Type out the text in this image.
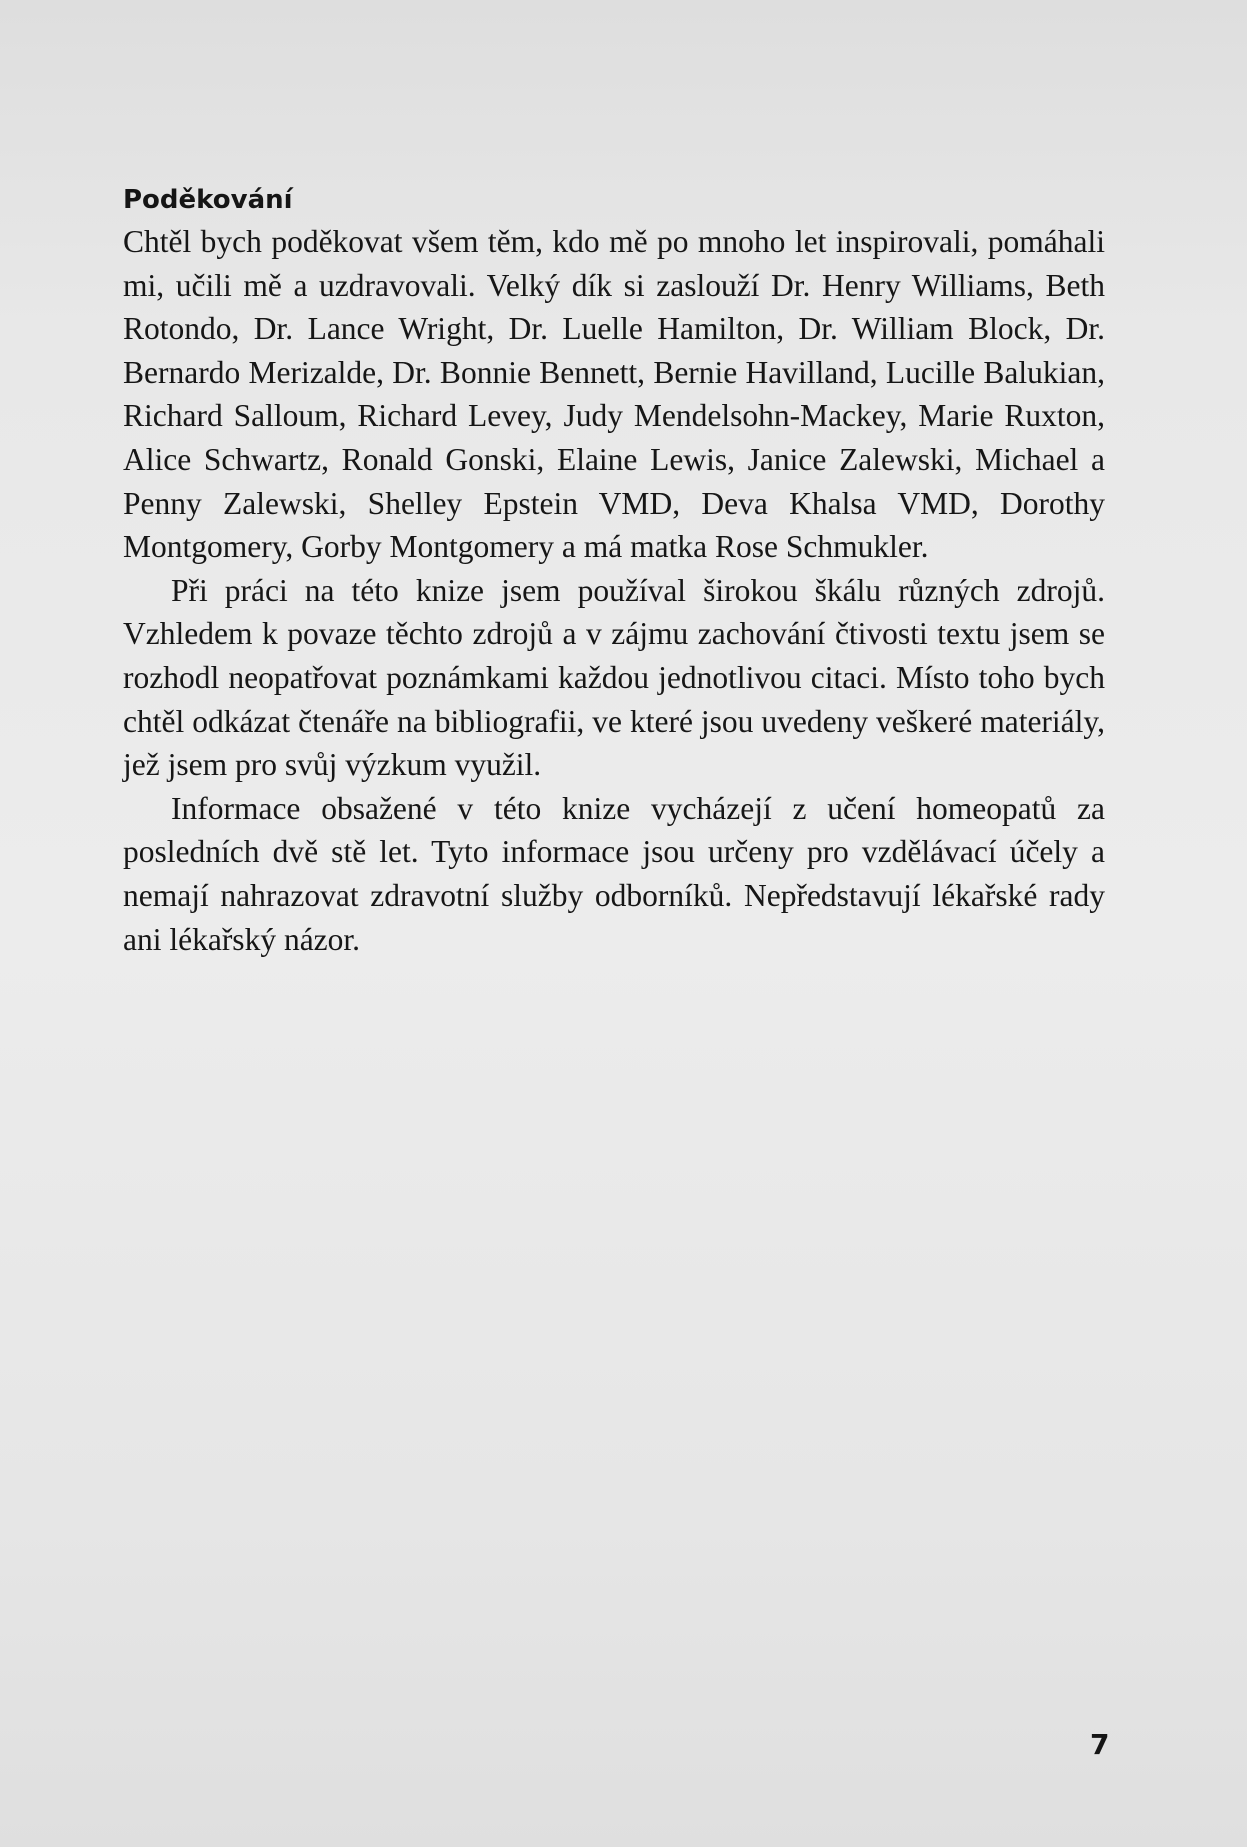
Poděkování

Chtěl bych poděkovat všem těm, kdo mě po mnoho let inspirovali, pomáhali mi, učili mě a uzdravovali. Velký dík si zaslouží Dr. Henry Williams, Beth Rotondo, Dr. Lance Wright, Dr. Luelle Hamilton, Dr. William Block, Dr. Bernardo Merizalde, Dr. Bonnie Bennett, Bernie Havilland, Lucille Balukian, Richard Salloum, Richard Levey, Judy Mendelsohn-Mackey, Marie Ruxton, Alice Schwartz, Ronald Gonski, Elaine Lewis, Janice Zalewski, Michael a Penny Zalewski, Shelley Epstein VMD, Deva Khalsa VMD, Dorothy Montgomery, Gorby Montgomery a má matka Rose Schmukler.

Při práci na této knize jsem používal širokou škálu různých zdrojů. Vzhledem k povaze těchto zdrojů a v zájmu zachování čtivosti textu jsem se rozhodl neopatřovat poznámkami každou jednotlivou citaci. Místo toho bych chtěl odkázat čtenáře na bibliografii, ve které jsou uvedeny veškeré materiály, jež jsem pro svůj výzkum využil.

Informace obsažené v této knize vycházejí z učení homeopatů za posledních dvě stě let. Tyto informace jsou určeny pro vzdělávací účely a nemají nahrazovat zdravotní služby odborníků. Nepředstavují lékařské rady ani lékařský názor.

7
